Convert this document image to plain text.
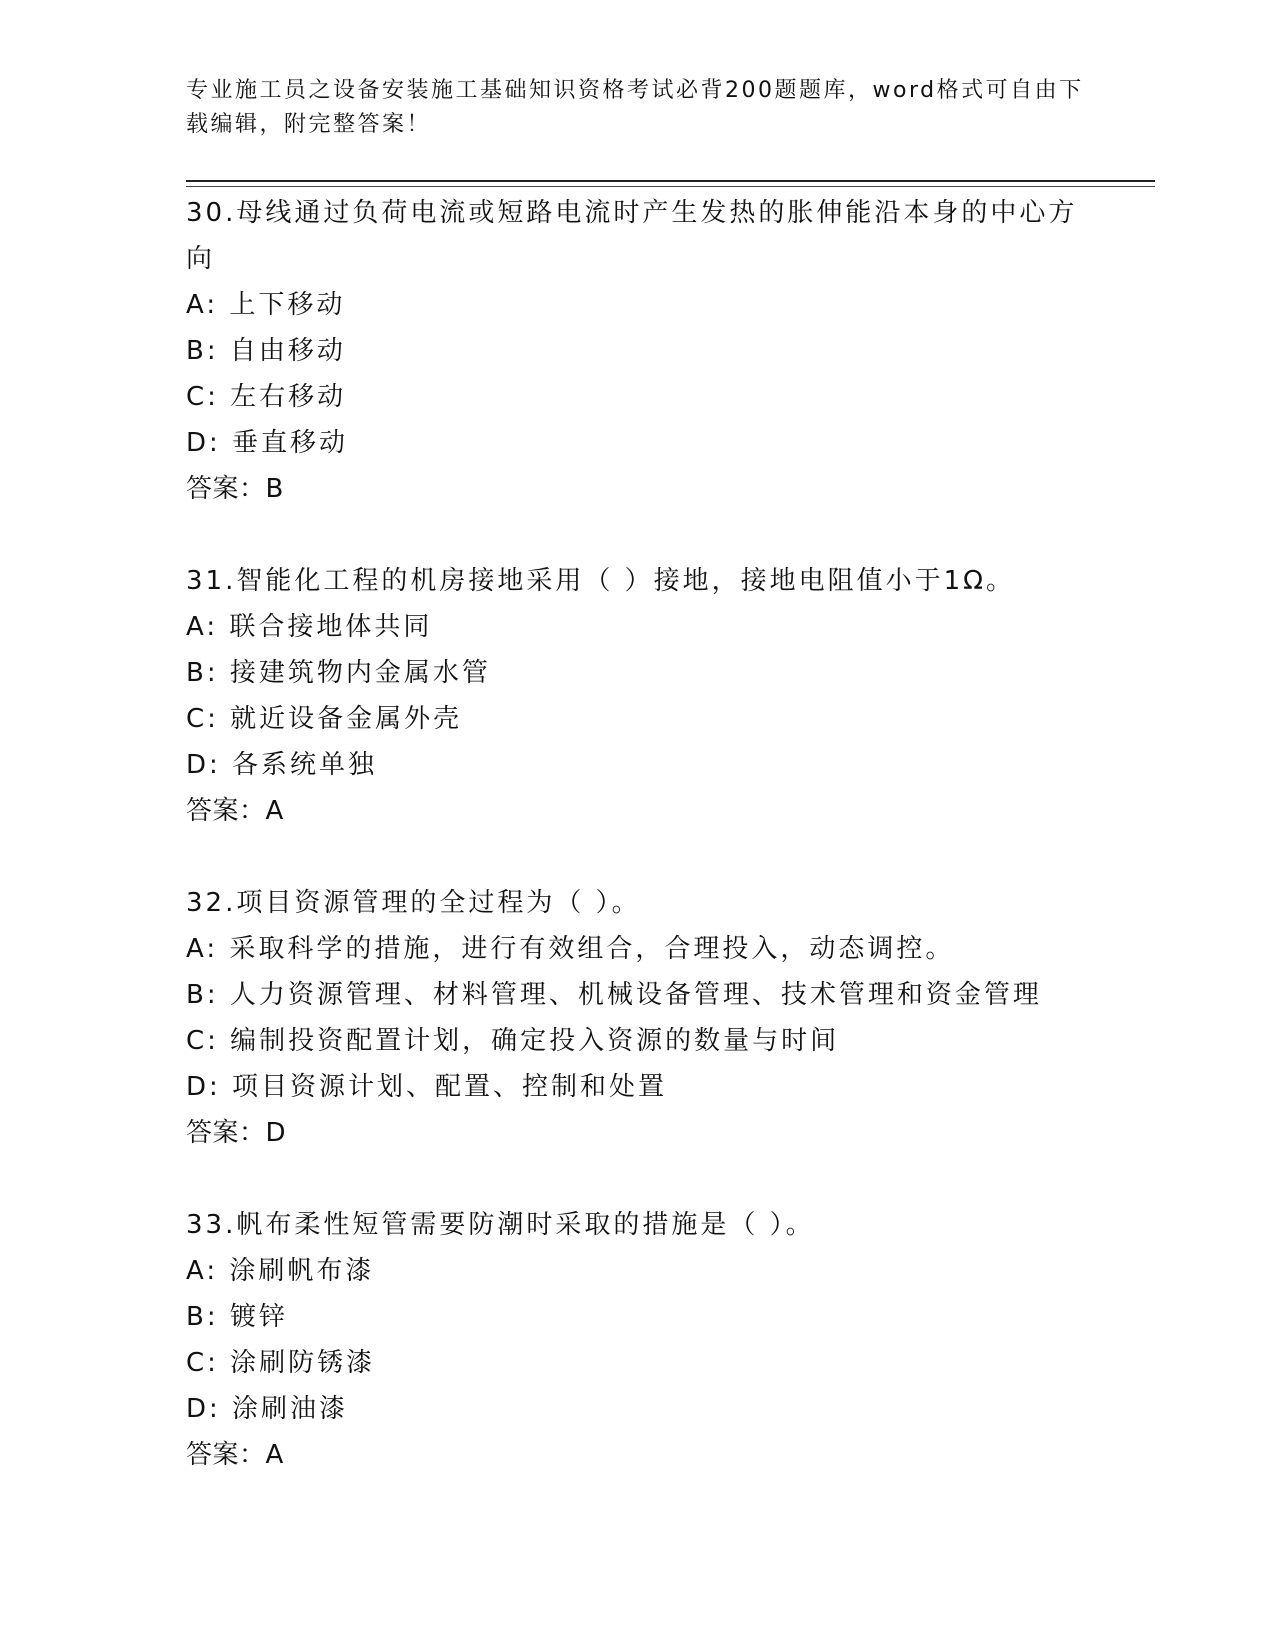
专业施工员之设备安装施工基础知识资格考试必背200题题库，word格式可自由下载编辑，附完整答案！

30.母线通过负荷电流或短路电流时产生发热的胀伸能沿本身的中心方向

A: 上下移动

B: 自由移动

C: 左右移动

D: 垂直移动

答案：B

31.智能化工程的机房接地采用（ ）接地，接地电阻值小于1Ω。

A: 联合接地体共同

B: 接建筑物内金属水管

C: 就近设备金属外壳

D: 各系统单独

答案：A

32.项目资源管理的全过程为（ ）。

A: 采取科学的措施，进行有效组合，合理投入，动态调控。

B: 人力资源管理、材料管理、机械设备管理、技术管理和资金管理

C: 编制投资配置计划，确定投入资源的数量与时间

D: 项目资源计划、配置、控制和处置

答案：D

33.帆布柔性短管需要防潮时采取的措施是（ ）。

A: 涂刷帆布漆

B: 镀锌

C: 涂刷防锈漆

D: 涂刷油漆

答案：A
